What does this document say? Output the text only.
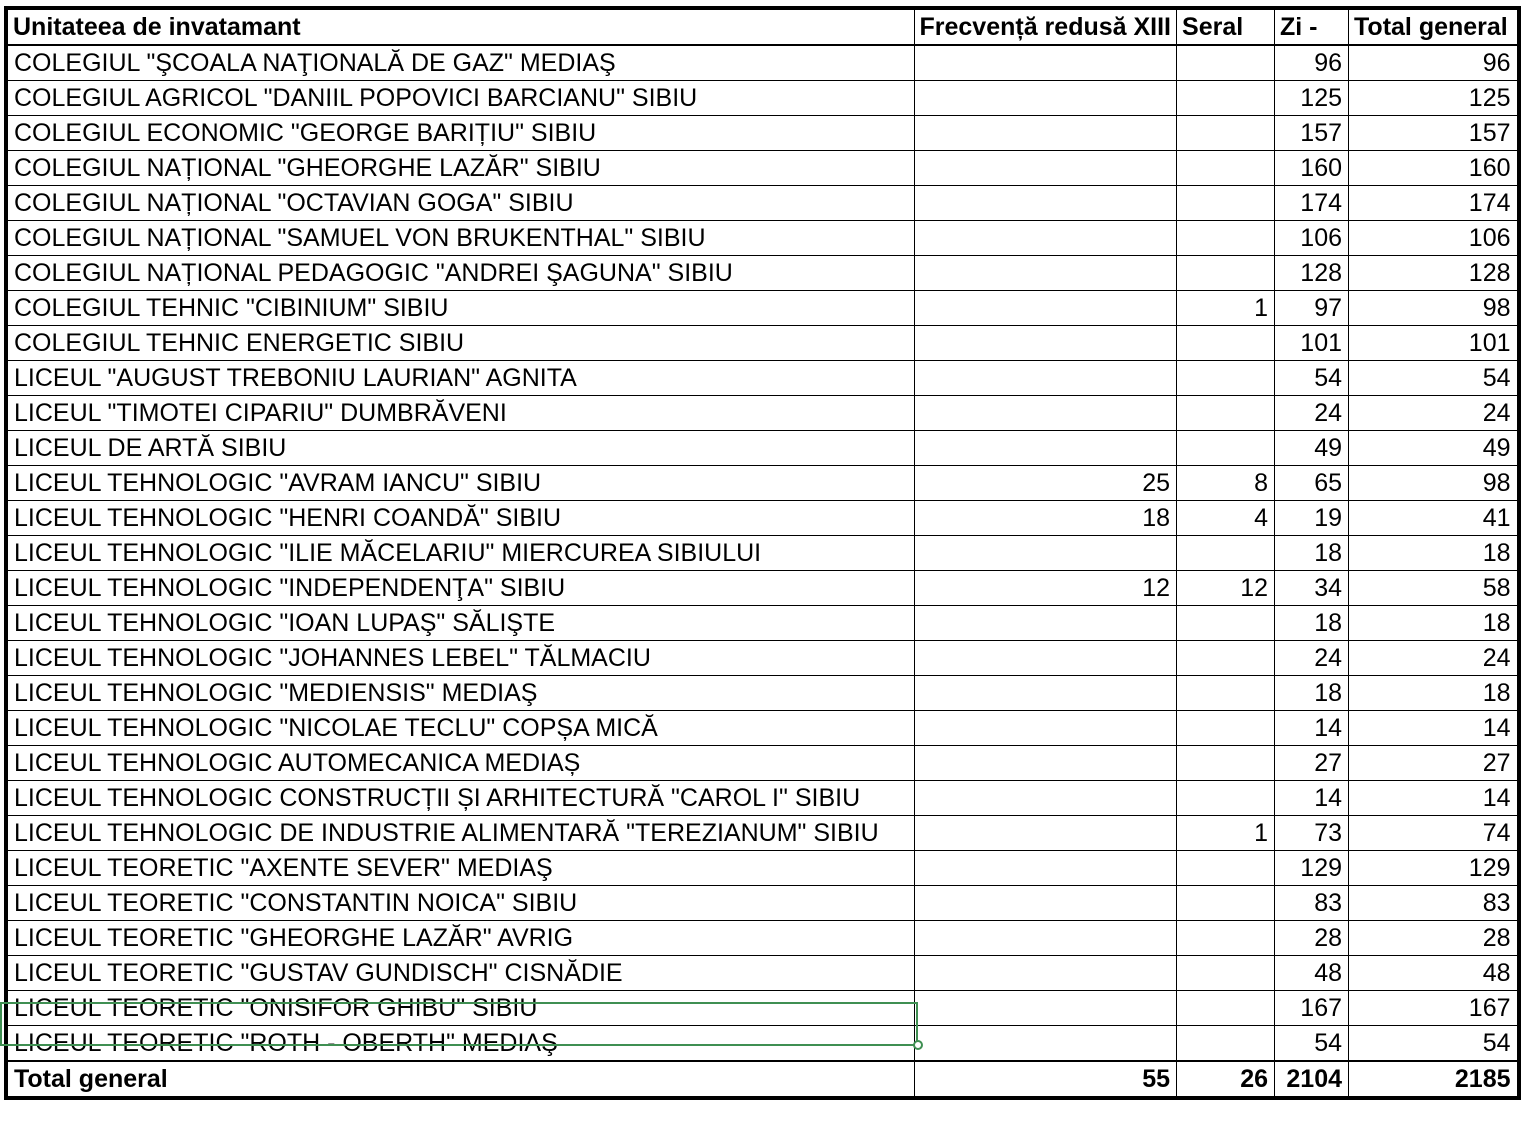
Unitateea de invatamant	Frecvență redusă XIII	Seral	Zi -	Total general
COLEGIUL "ŞCOALA NAŢIONALĂ DE GAZ" MEDIAŞ			96	96
COLEGIUL AGRICOL "DANIIL POPOVICI BARCIANU" SIBIU			125	125
COLEGIUL ECONOMIC "GEORGE BARIȚIU" SIBIU			157	157
COLEGIUL NAȚIONAL "GHEORGHE LAZĂR" SIBIU			160	160
COLEGIUL NAȚIONAL "OCTAVIAN GOGA" SIBIU			174	174
COLEGIUL NAȚIONAL "SAMUEL VON BRUKENTHAL" SIBIU			106	106
COLEGIUL NAȚIONAL PEDAGOGIC "ANDREI ŞAGUNA" SIBIU			128	128
COLEGIUL TEHNIC "CIBINIUM" SIBIU		1	97	98
COLEGIUL TEHNIC ENERGETIC SIBIU			101	101
LICEUL "AUGUST TREBONIU LAURIAN" AGNITA			54	54
LICEUL "TIMOTEI CIPARIU" DUMBRĂVENI			24	24
LICEUL DE ARTĂ SIBIU			49	49
LICEUL TEHNOLOGIC "AVRAM IANCU" SIBIU	25	8	65	98
LICEUL TEHNOLOGIC "HENRI COANDĂ" SIBIU	18	4	19	41
LICEUL TEHNOLOGIC "ILIE MĂCELARIU" MIERCUREA SIBIULUI			18	18
LICEUL TEHNOLOGIC "INDEPENDENŢA" SIBIU	12	12	34	58
LICEUL TEHNOLOGIC "IOAN LUPAŞ" SĂLIŞTE			18	18
LICEUL TEHNOLOGIC "JOHANNES LEBEL" TĂLMACIU			24	24
LICEUL TEHNOLOGIC "MEDIENSIS" MEDIAŞ			18	18
LICEUL TEHNOLOGIC "NICOLAE TECLU" COPȘA MICĂ			14	14
LICEUL TEHNOLOGIC AUTOMECANICA MEDIAȘ			27	27
LICEUL TEHNOLOGIC CONSTRUCȚII ȘI ARHITECTURĂ "CAROL I" SIBIU			14	14
LICEUL TEHNOLOGIC DE INDUSTRIE ALIMENTARĂ "TEREZIANUM" SIBIU		1	73	74
LICEUL TEORETIC "AXENTE SEVER" MEDIAŞ			129	129
LICEUL TEORETIC "CONSTANTIN NOICA" SIBIU			83	83
LICEUL TEORETIC "GHEORGHE LAZĂR" AVRIG			28	28
LICEUL TEORETIC "GUSTAV GUNDISCH" CISNĂDIE			48	48
LICEUL TEORETIC "ONISIFOR GHIBU" SIBIU			167	167
LICEUL TEORETIC "ROTH - OBERTH" MEDIAŞ			54	54
Total general	55	26	2104	2185
